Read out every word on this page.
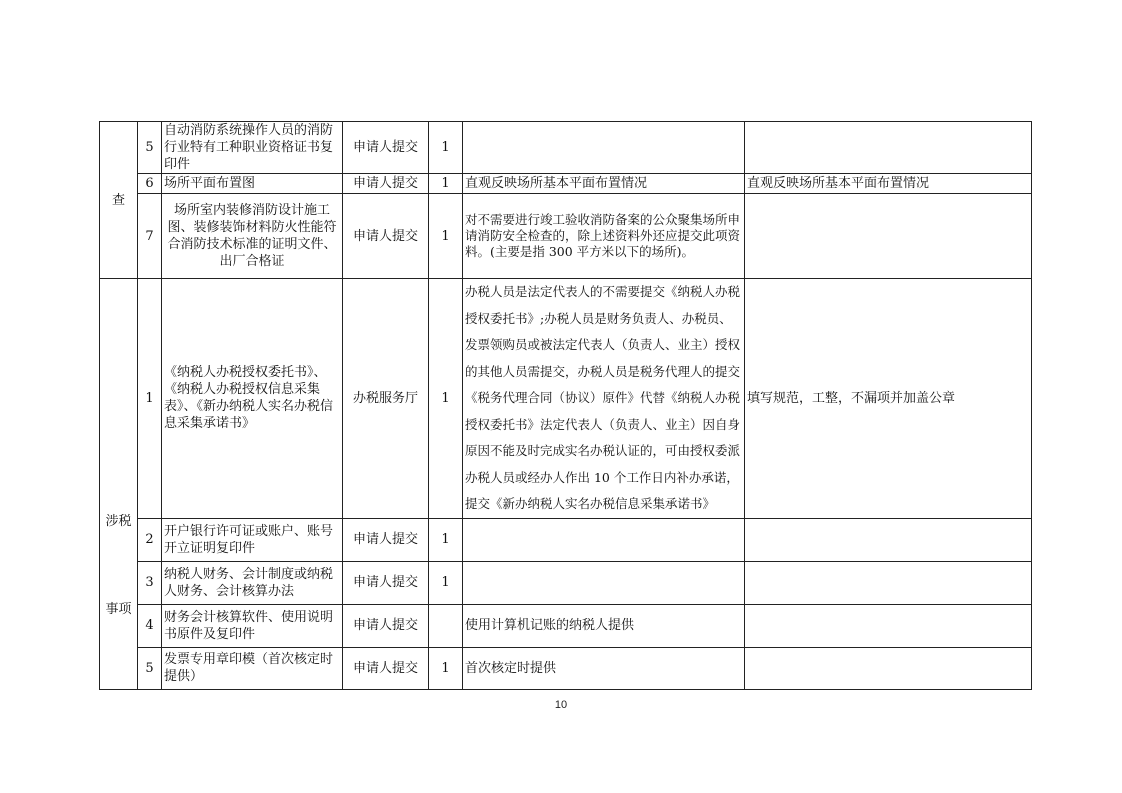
查	5	自动消防系统操作人员的消防行业特有工种职业资格证书复印件	申请人提交	1		
	6	场所平面布置图	申请人提交	1	直观反映场所基本平面布置情况	直观反映场所基本平面布置情况
	7	场所室内装修消防设计施工图、装修装饰材料防火性能符合消防技术标准的证明文件、出厂合格证	申请人提交	1	对不需要进行竣工验收消防备案的公众聚集场所申请消防安全检查的，除上述资料外还应提交此项资料。(主要是指 300 平方米以下的场所)。	

涉税
事项	1	《纳税人办税授权委托书》、《纳税人办税授权信息采集表》、《新办纳税人实名办税信息采集承诺书》	办税服务厅	1	办税人员是法定代表人的不需要提交《纳税人办税授权委托书》;办税人员是财务负责人、办税员、发票领购员或被法定代表人（负责人、业主）授权的其他人员需提交，办税人员是税务代理人的提交《税务代理合同（协议）原件》代替《纳税人办税授权委托书》法定代表人（负责人、业主）因自身原因不能及时完成实名办税认证的，可由授权委派办税人员或经办人作出 10 个工作日内补办承诺，提交《新办纳税人实名办税信息采集承诺书》	填写规范，工整，不漏项并加盖公章
	2	开户银行许可证或账户、账号开立证明复印件	申请人提交	1		
	3	纳税人财务、会计制度或纳税人财务、会计核算办法	申请人提交	1		
	4	财务会计核算软件、使用说明书原件及复印件	申请人提交		使用计算机记账的纳税人提供	
	5	发票专用章印模（首次核定时提供）	申请人提交	1	首次核定时提供	
10
